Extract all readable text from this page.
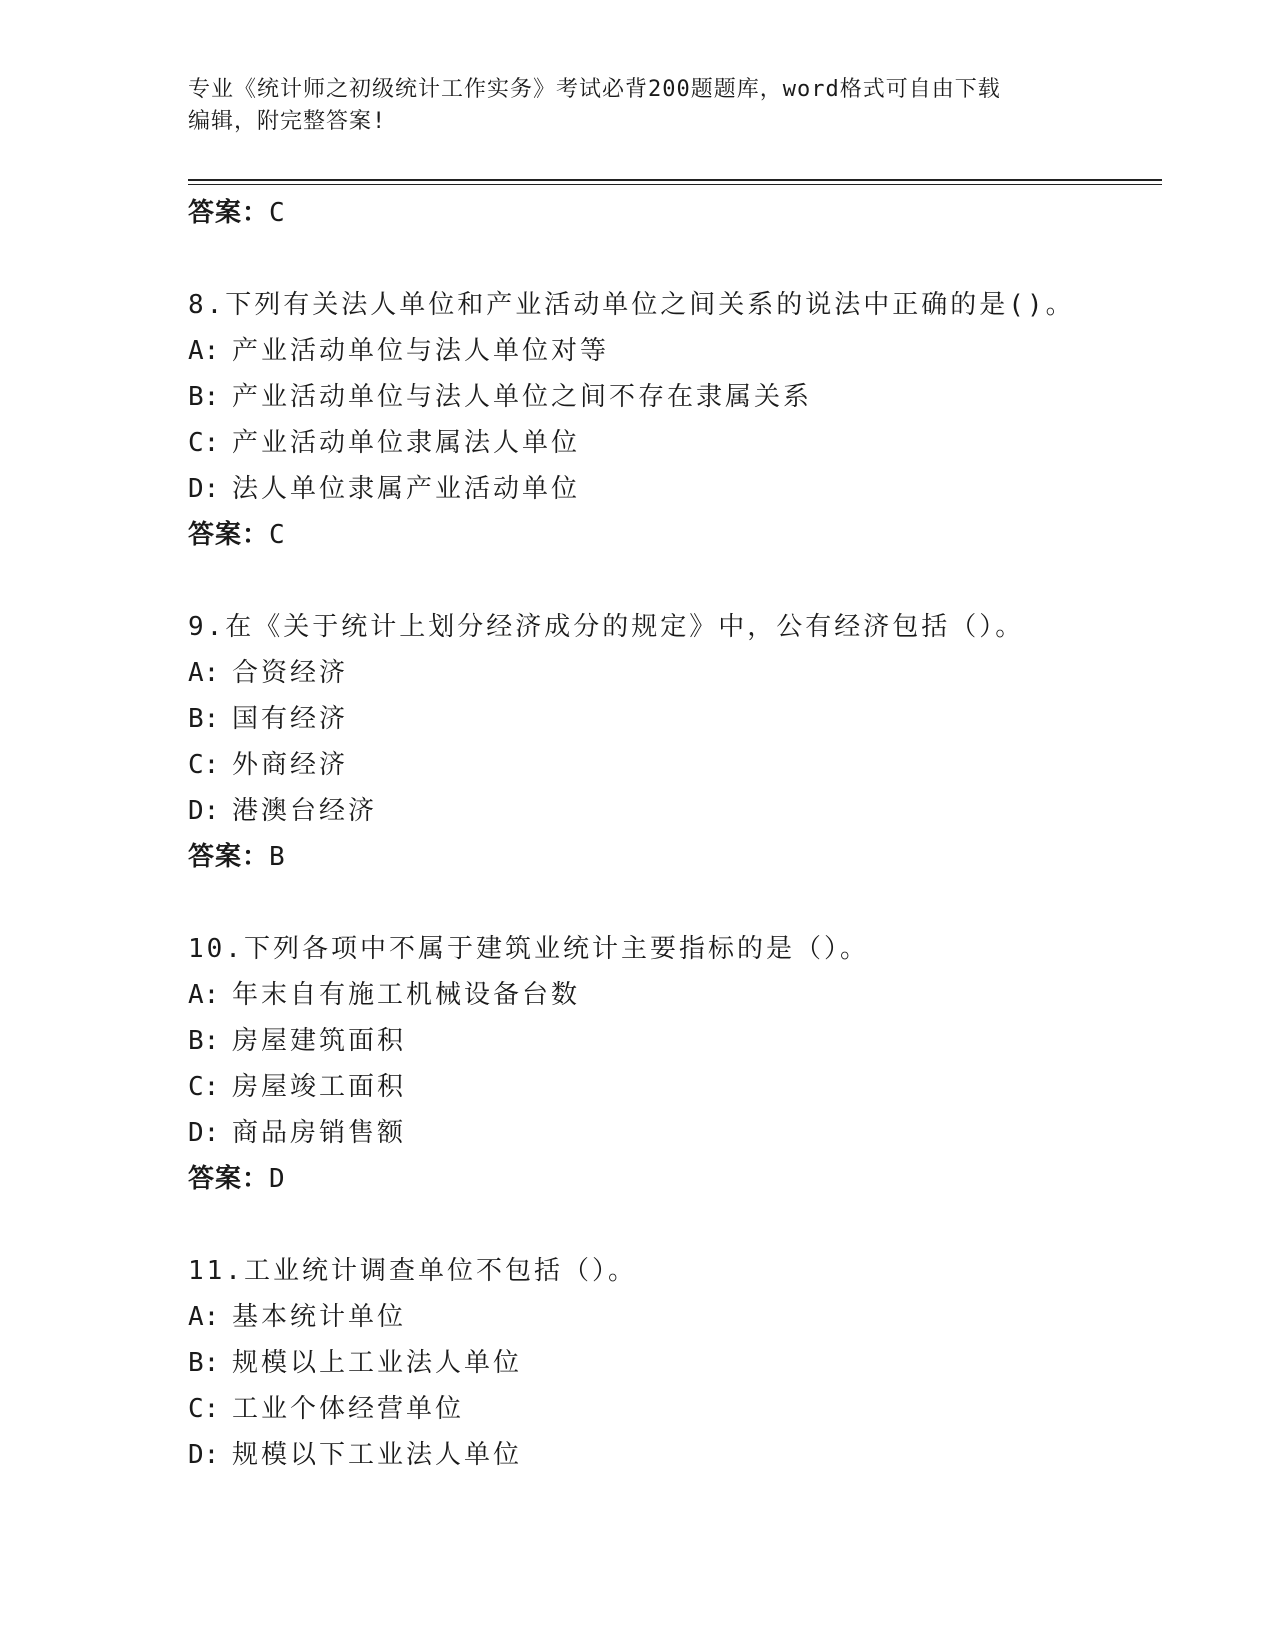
专业《统计师之初级统计工作实务》考试必背200题题库，word格式可自由下载
编辑，附完整答案!
答案：C
8.下列有关法人单位和产业活动单位之间关系的说法中正确的是()。
A: 产业活动单位与法人单位对等
B: 产业活动单位与法人单位之间不存在隶属关系
C: 产业活动单位隶属法人单位
D: 法人单位隶属产业活动单位
答案：C
9.在《关于统计上划分经济成分的规定》中，公有经济包括（）。
A: 合资经济
B: 国有经济
C: 外商经济
D: 港澳台经济
答案：B
10.下列各项中不属于建筑业统计主要指标的是（）。
A: 年末自有施工机械设备台数
B: 房屋建筑面积
C: 房屋竣工面积
D: 商品房销售额
答案：D
11.工业统计调查单位不包括（）。
A: 基本统计单位
B: 规模以上工业法人单位
C: 工业个体经营单位
D: 规模以下工业法人单位
